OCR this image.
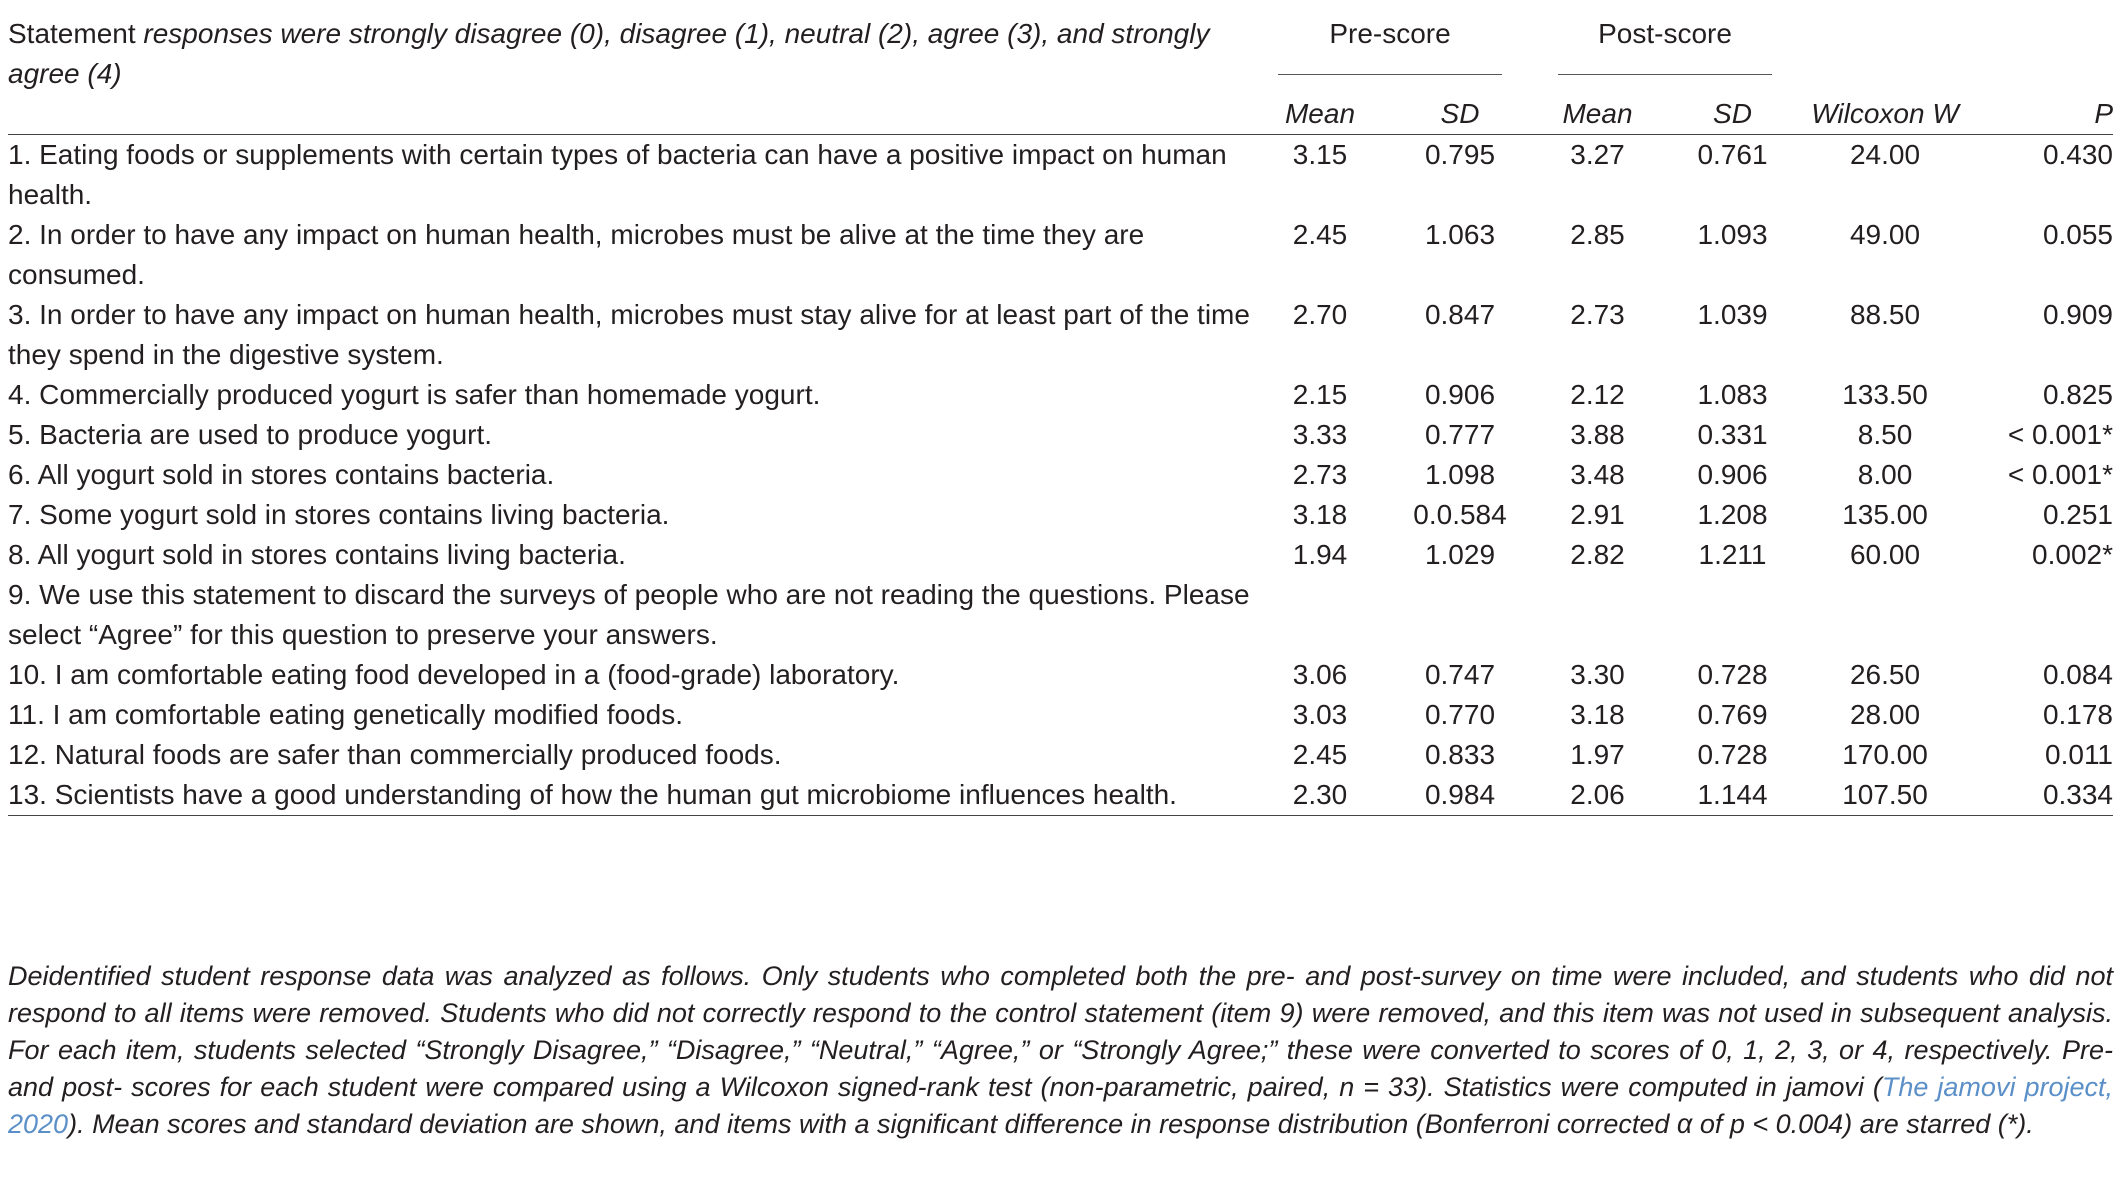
Statement responses were strongly disagree (0), disagree (1), neutral (2), agree (3), and strongly agree (4)	Pre-score		Post-score			

	Mean	SD	Mean	SD	Wilcoxon W	P
1. Eating foods or supplements with certain types of bacteria can have a positive impact on human health.	3.15	0.795	3.27	0.761	24.00	0.430
2. In order to have any impact on human health, microbes must be alive at the time they are consumed.	2.45	1.063	2.85	1.093	49.00	0.055
3. In order to have any impact on human health, microbes must stay alive for at least part of the time they spend in the digestive system.	2.70	0.847	2.73	1.039	88.50	0.909
4. Commercially produced yogurt is safer than homemade yogurt.	2.15	0.906	2.12	1.083	133.50	0.825
5. Bacteria are used to produce yogurt.	3.33	0.777	3.88	0.331	8.50	< 0.001*
6. All yogurt sold in stores contains bacteria.	2.73	1.098	3.48	0.906	8.00	< 0.001*
7. Some yogurt sold in stores contains living bacteria.	3.18	0.0.584	2.91	1.208	135.00	0.251
8. All yogurt sold in stores contains living bacteria.	1.94	1.029	2.82	1.211	60.00	0.002*
9. We use this statement to discard the surveys of people who are not reading the questions. Please select “Agree” for this question to preserve your answers.						
10. I am comfortable eating food developed in a (food-grade) laboratory.	3.06	0.747	3.30	0.728	26.50	0.084
11. I am comfortable eating genetically modified foods.	3.03	0.770	3.18	0.769	28.00	0.178
12. Natural foods are safer than commercially produced foods.	2.45	0.833	1.97	0.728	170.00	0.011
13. Scientists have a good understanding of how the human gut microbiome influences health.	2.30	0.984	2.06	1.144	107.50	0.334

Deidentified student response data was analyzed as follows. Only students who completed both the pre- and post-survey on time were included, and students who did not respond to all items were removed. Students who did not correctly respond to the control statement (item 9) were removed, and this item was not used in subsequent analysis. For each item, students selected “Strongly Disagree,” “Disagree,” “Neutral,” “Agree,” or “Strongly Agree;” these were converted to scores of 0, 1, 2, 3, or 4, respectively. Pre- and post- scores for each student were compared using a Wilcoxon signed-rank test (non-parametric, paired, n = 33). Statistics were computed in jamovi (The jamovi project, 2020). Mean scores and standard deviation are shown, and items with a significant difference in response distribution (Bonferroni corrected α of p < 0.004) are starred (*).
